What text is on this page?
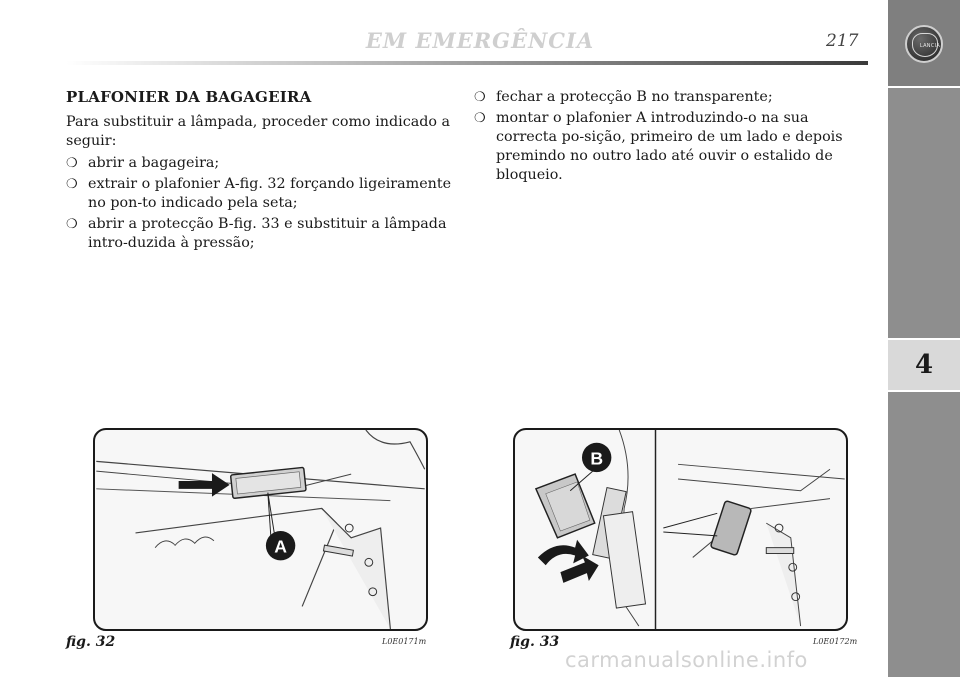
EM EMERGÊNCIA	217	LANCIA
4
PLAFONIER DA BAGAGEIRA

Para substituir a lâmpada, proceder como indicado a seguir:

❍ abrir a bagageira;
❍ extrair o plafonier A-fig. 32 forçando ligeiramente no pon-to indicado pela seta;
❍ abrir a protecção B-fig. 33 e substituir a lâmpada intro-duzida à pressão;
❍ fechar a protecção B no transparente;
❍ montar o plafonier A introduzindo-o na sua correcta po-sição, primeiro de um lado e depois premindo no outro lado até ouvir o estalido de bloqueio.
A
B
fig. 32	L0E0171m	fig. 33	L0E0172m
carmanualsonline.info
